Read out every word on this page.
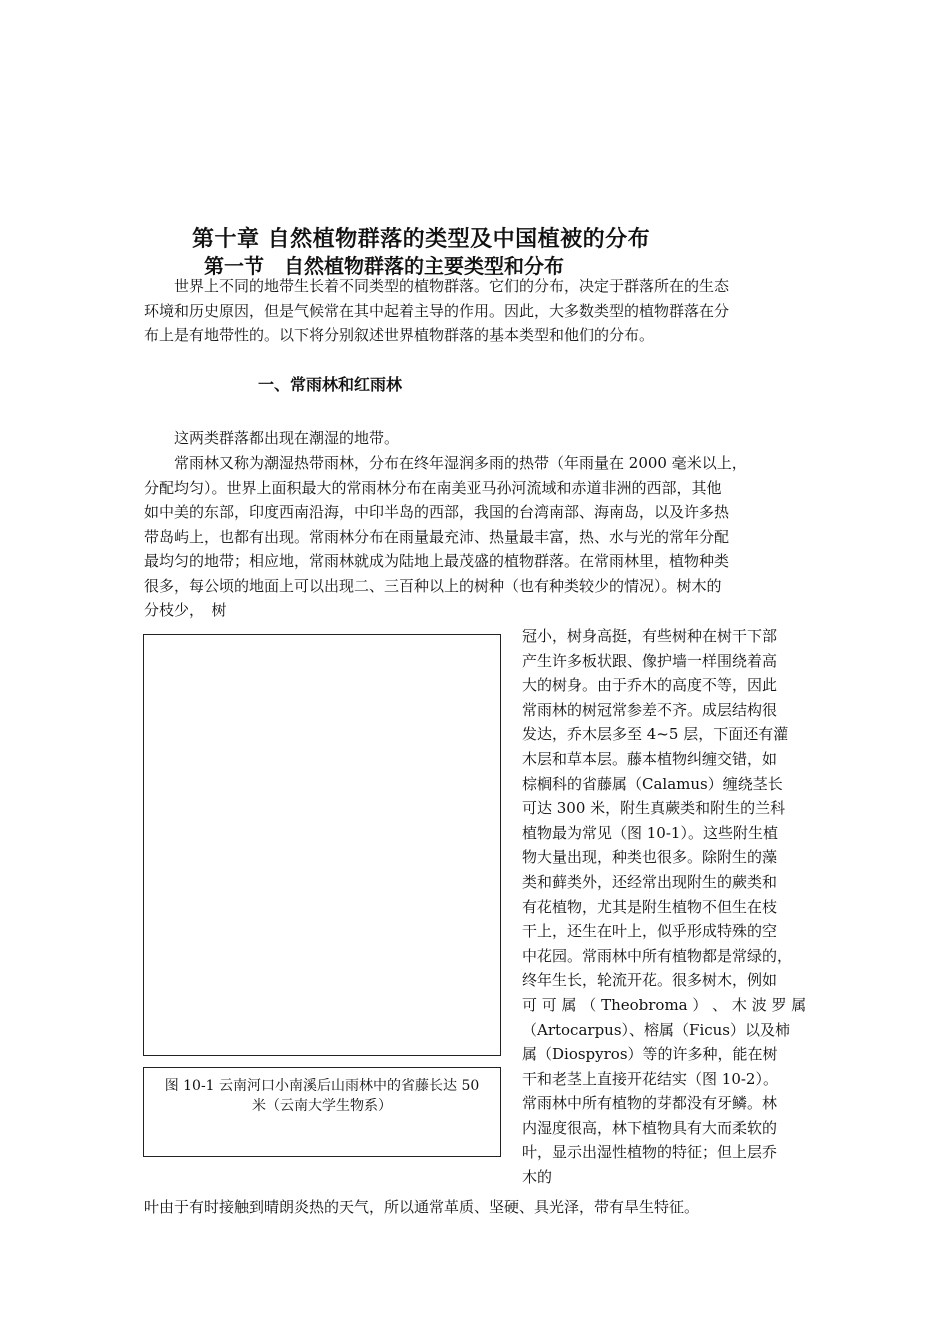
第十章 自然植物群落的类型及中国植被的分布
第一节　自然植物群落的主要类型和分布
　　世界上不同的地带生长着不同类型的植物群落。它们的分布，决定于群落所在的生态
环境和历史原因，但是气候常在其中起着主导的作用。因此，大多数类型的植物群落在分
布上是有地带性的。以下将分别叙述世界植物群落的基本类型和他们的分布。
一、常雨林和红雨林
　　这两类群落都出现在潮湿的地带。
　　常雨林又称为潮湿热带雨林，分布在终年湿润多雨的热带（年雨量在 2000 毫米以上，
分配均匀）。世界上面积最大的常雨林分布在南美亚马孙河流域和赤道非洲的西部，其他
如中美的东部，印度西南沿海，中印半岛的西部，我国的台湾南部、海南岛，以及许多热
带岛屿上，也都有出现。常雨林分布在雨量最充沛、热量最丰富，热、水与光的常年分配
最均匀的地带；相应地，常雨林就成为陆地上最茂盛的植物群落。在常雨林里，植物种类
很多，每公顷的地面上可以出现二、三百种以上的树种（也有种类较少的情况）。树木的
分枝少，　树
图 10-1 云南河口小南溪后山雨林中的省藤长达 50
米（云南大学生物系）
冠小，树身高挺，有些树种在树干下部
产生许多板状跟、像护墙一样围绕着高
大的树身。由于乔木的高度不等，因此
常雨林的树冠常参差不齐。成层结构很
发达，乔木层多至 4~5 层，下面还有灌
木层和草本层。藤本植物纠缠交错，如
棕榈科的省藤属（Calamus）缠绕茎长
可达 300 米，附生真蕨类和附生的兰科
植物最为常见（图 10-1）。这些附生植
物大量出现，种类也很多。除附生的藻
类和藓类外，还经常出现附生的蕨类和
有花植物，尤其是附生植物不但生在枝
干上，还生在叶上，似乎形成特殊的空
中花园。常雨林中所有植物都是常绿的，
终年生长，轮流开花。很多树木，例如
可 可 属 （ Theobroma ） 、 木 波 罗 属
（Artocarpus）、榕属（Ficus）以及柿
属（Diospyros）等的许多种，能在树
干和老茎上直接开花结实（图 10-2）。
常雨林中所有植物的芽都没有牙鳞。林
内湿度很高，林下植物具有大而柔软的
叶，显示出湿性植物的特征；但上层乔
木的
叶由于有时接触到晴朗炎热的天气，所以通常革质、坚硬、具光泽，带有旱生特征。
